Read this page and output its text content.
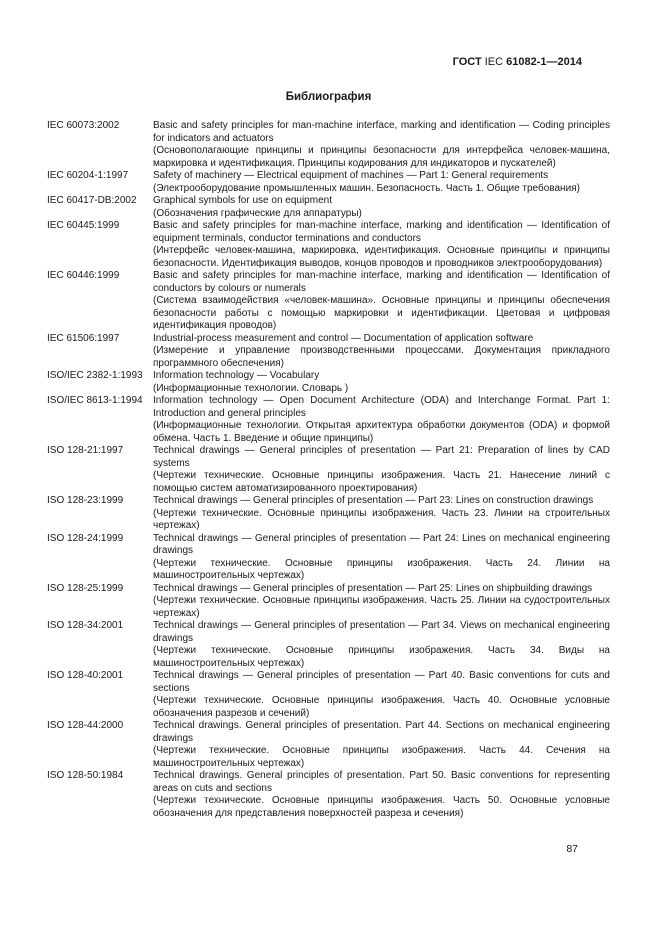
ГОСТ IEC 61082-1—2014
Библиография
IEC 60073:2002	Basic and safety principles for man-machine interface, marking and identification — Coding principles for indicators and actuators
(Основополагающие принципы и принципы безопасности для интерфейса человек-машина, маркировка и идентификация. Принципы кодирования для индикаторов и пускателей)
IEC 60204-1:1997	Safety of machinery — Electrical equipment of machines — Part 1: General requirements
(Электрооборудование промышленных машин. Безопасность. Часть 1. Общие требования)
IEC 60417-DB:2002	Graphical symbols for use on equipment
(Обозначения графические для аппаратуры)
IEC 60445:1999	Basic and safety principles for man-machine interface, marking and identification — Identification of equipment terminals, conductor terminations and conductors
(Интерфейс человек-машина, маркировка, идентификация. Основные принципы и принципы безопасности. Идентификация выводов, концов проводов и проводников электрооборудования)
IEC 60446:1999	Basic and safety principles for man-machine interface, marking and identification — Identification of conductors by colours or numerals
(Система взаимодействия «человек-машина». Основные принципы и принципы обеспечения безопасности работы с помощью маркировки и идентификации. Цветовая и цифровая идентификация проводов)
IEC 61506:1997	Industrial-process measurement and control — Documentation of application software
(Измерение и управление производственными процессами. Документация прикладного программного обеспечения)
ISO/IEC 2382-1:1993	Information technology — Vocabulary
(Информационные технологии. Словарь )
ISO/IEC 8613-1:1994	Information technology — Open Document Architecture (ODA) and Interchange Format. Part 1: Introduction and general principles
(Информационные технологии. Открытая архитектура обработки документов (ODA) и формой обмена. Часть 1. Введение и общие принципы)
ISO 128-21:1997	Technical drawings — General principles of presentation — Part 21: Preparation of lines by CAD systems
(Чертежи технические. Основные принципы изображения. Часть 21. Нанесение линий с помощью систем автоматизированного проектирования)
ISO 128-23:1999	Technical drawings — General principles of presentation — Part 23: Lines on construction drawings
(Чертежи технические. Основные принципы изображения. Часть 23. Линии на строительных чертежах)
ISO 128-24:1999	Technical drawings — General principles of presentation — Part 24: Lines on mechanical engineering drawings
(Чертежи технические. Основные принципы изображения. Часть 24. Линии на машиностроительных чертежах)
ISO 128-25:1999	Technical drawings — General principles of presentation — Part 25: Lines on shipbuilding drawings
(Чертежи технические. Основные принципы изображения. Часть 25. Линии на судостроительных чертежах)
ISO 128-34:2001	Technical drawings — General principles of presentation — Part 34. Views on mechanical engineering drawings
(Чертежи технические. Основные принципы изображения. Часть 34. Виды на машиностроительных чертежах)
ISO 128-40:2001	Technical drawings — General principles of presentation — Part 40. Basic conventions for cuts and sections
(Чертежи технические. Основные принципы изображения. Часть 40. Основные условные обозначения разрезов и сечений)
ISO 128-44:2000	Technical drawings. General principles of presentation. Part 44. Sections on mechanical engineering drawings
(Чертежи технические. Основные принципы изображения. Часть 44. Сечения на машиностроительных чертежах)
ISO 128-50:1984	Technical drawings. General principles of presentation. Part 50. Basic conventions for representing areas on cuts and sections
(Чертежи технические. Основные принципы изображения. Часть 50. Основные условные обозначения для представления поверхностей разреза и сечения)
87
